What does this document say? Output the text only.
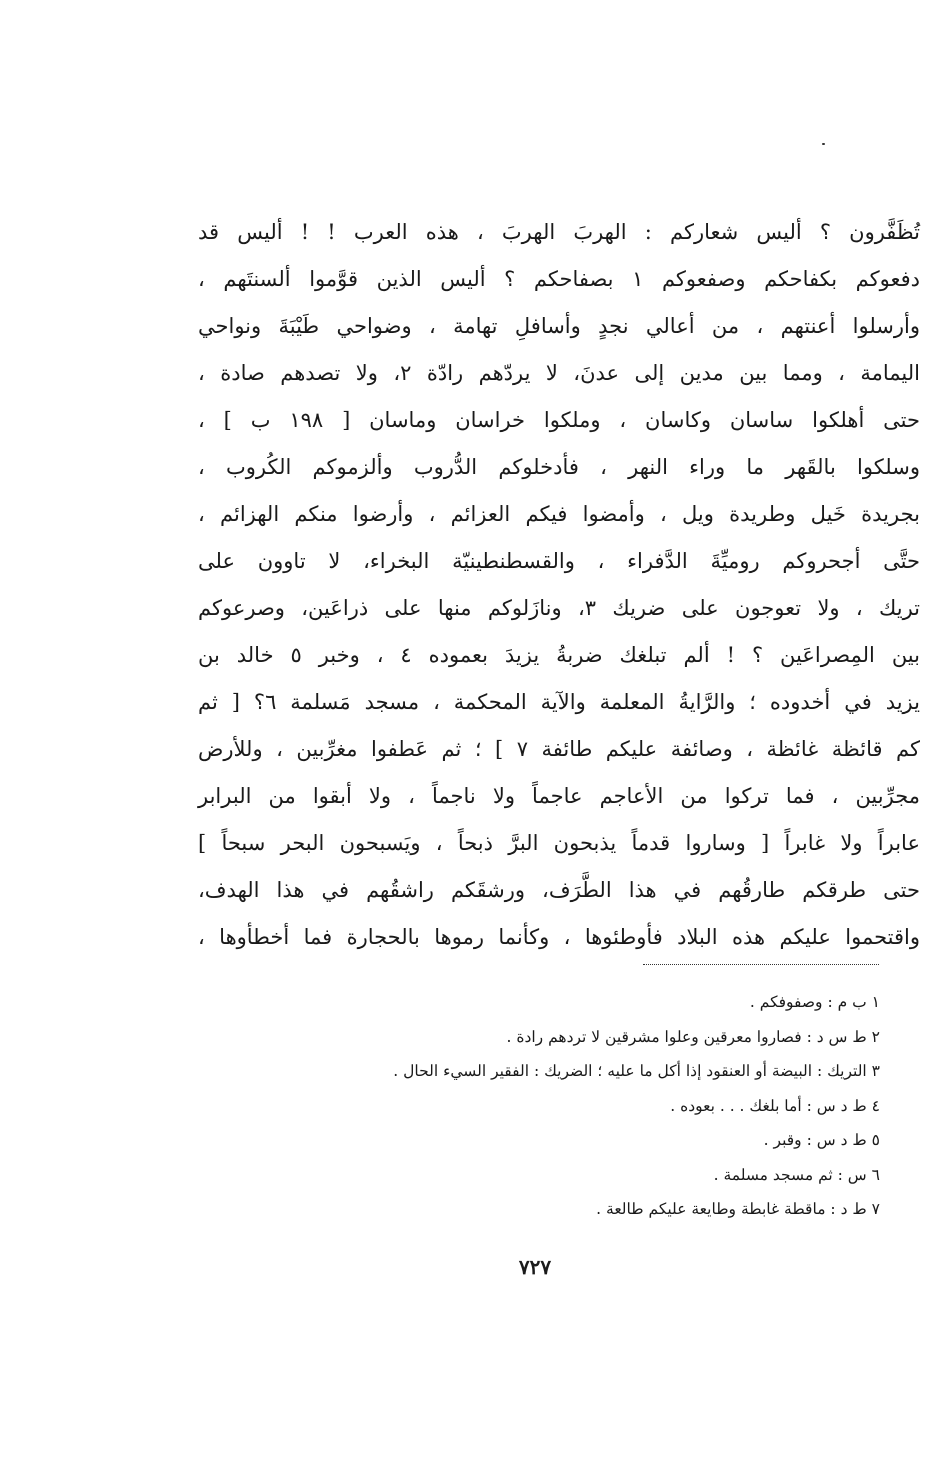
تُظَفَّرون ؟ أليس شعاركم : الهربَ الهربَ ، هذه العرب ! ! أليس قد
دفعوكم بكفاحكم وصفعوكم ١ بصفاحكم ؟ أليس الذين قوَّموا ألسنتَهم ،
وأرسلوا أعنتهم ، من أعالي نجدٍ وأسافلِ تهامة ، وضواحي طَيْبَةَ ونواحي
اليمامة ، ومما بين مدين إلى عدنَ، لا يردّهم رادّة ٢، ولا تصدهم صادة ،
حتى أهلكوا ساسان وكاسان ، وملكوا خراسان وماسان [ ١٩٨ ب ] ،
وسلكوا بالقَهر ما وراء النهر ، فأدخلوكم الدُّروب وألزموكم الكُروب ،
بجريدة خَيل وطريدة ويل ، وأمضوا فيكم العزائم ، وأرضوا منكم الهزائم ،
حتَّى أجحروكم روميِّةَ الدَّفراء ، والقسطنطينيّة البخراء، لا تاوون على
تريك ، ولا تعوجون على ضريك ٣، ونازَلوكم منها على ذراعَين، وصرعوكم
بين المِصراعَين ؟ ! ألم تبلغك ضربةُ يزيدَ بعموده ٤ ، وخبر ٥ خالد بن
يزيد في أخدوده ؛ والرَّايةُ المعلمة والآية المحكمة ، مسجد مَسلمة ٦؟ [ ثم
كم قائظة غائظة ، وصائفة عليكم طائفة ٧ ] ؛ ثم عَطفوا مغرِّبين ، وللأرض
مجرِّبين ، فما تركوا من الأعاجم عاجماً ولا ناجماً ، ولا أبقوا من البرابر
عابراً ولا غابراً [ وساروا قدماً يذبحون البرَّ ذبحاً ، ويَسبحون البحر سبحاً ]
حتى طرقكم طارقُهم في هذا الطَّرَف، ورشقَكم راشقُهم في هذا الهدف،
واقتحموا عليكم هذه البلاد فأوطئوها ، وكأنما رموها بالحجارة فما أخطأوها ،
١ ب م : وصفوفكم .
٢ ط س د : فصاروا معرقين وعلوا مشرقين لا تردهم رادة .
٣ التريك : البيضة أو العنقود إذا أكل ما عليه ؛ الضريك : الفقير السيء الحال .
٤ ط د س : أما بلغك . . . بعوده .
٥ ط د س : وقبر .
٦ س : ثم مسجد مسلمة .
٧ ط د : ماقطة غابطة وطايعة عليكم طالعة .
٧٢٧
